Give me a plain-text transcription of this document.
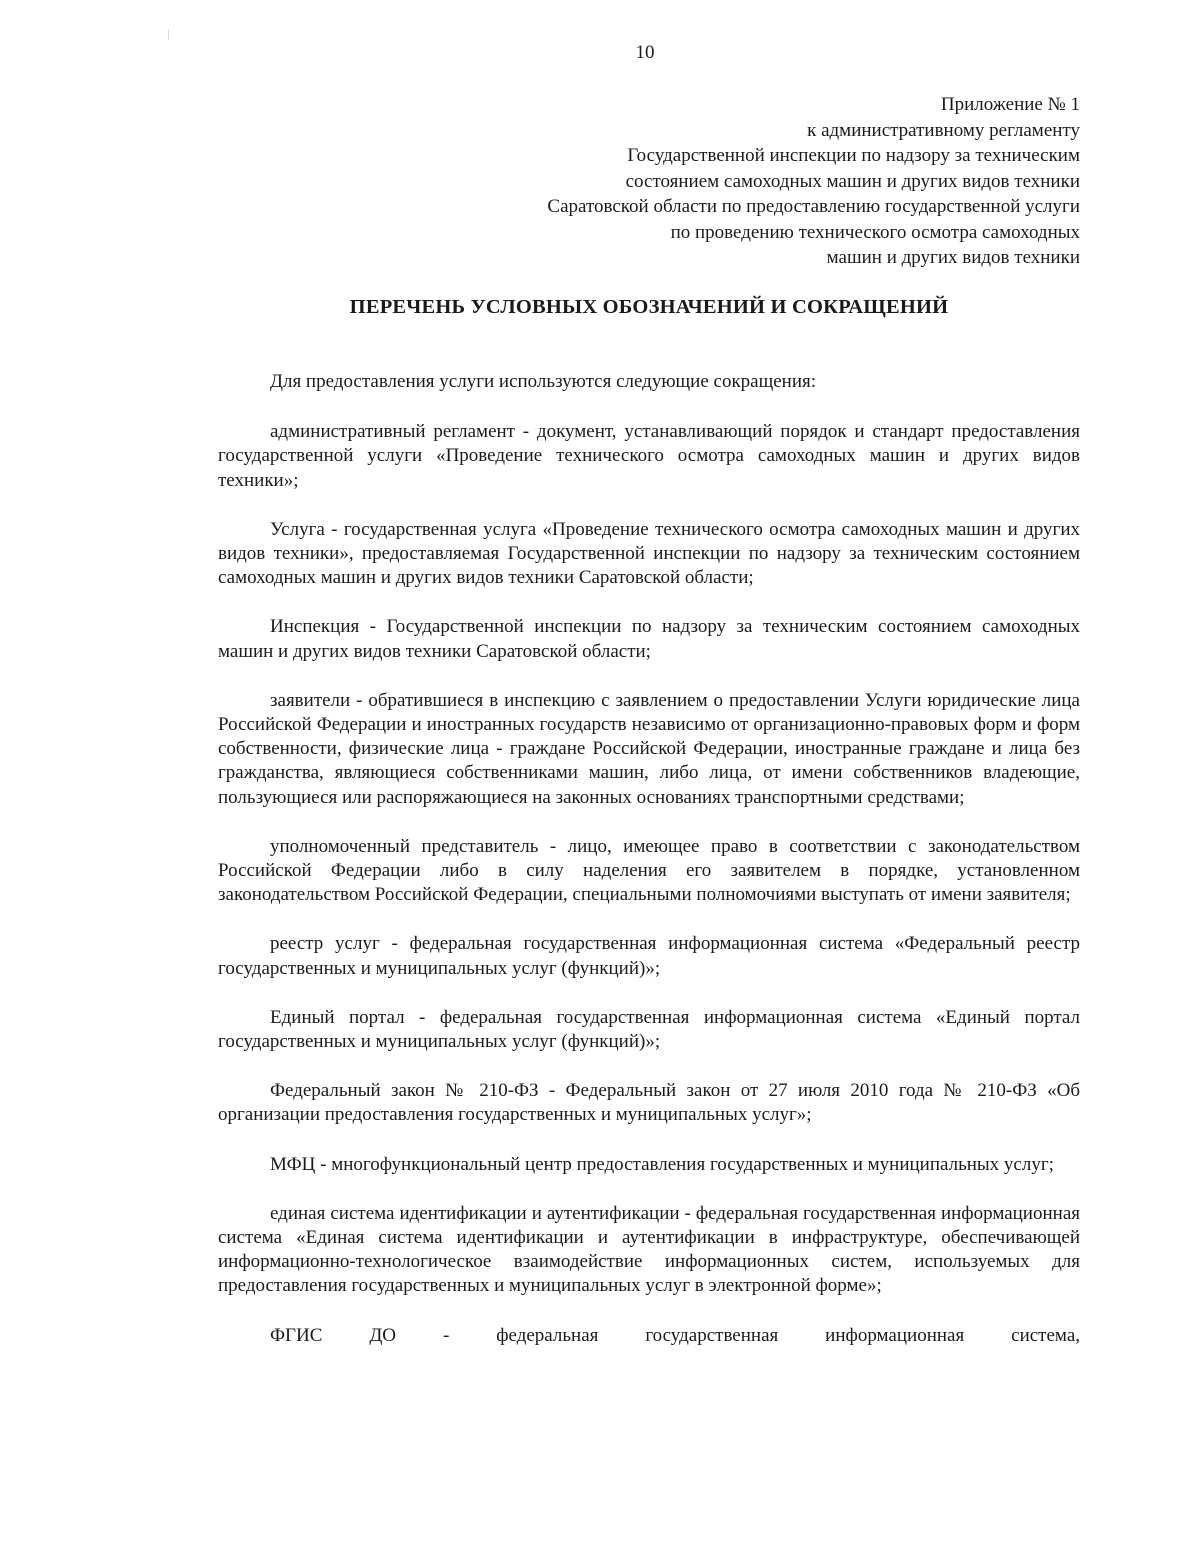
10
Приложение № 1
к административному регламенту
Государственной инспекции по надзору за техническим
состоянием самоходных машин и других видов техники
Саратовской области по предоставлению государственной услуги
по проведению технического осмотра самоходных
машин и других видов техники
ПЕРЕЧЕНЬ УСЛОВНЫХ ОБОЗНАЧЕНИЙ И СОКРАЩЕНИЙ

Для предоставления услуги используются следующие сокращения:

административный регламент - документ, устанавливающий порядок и стандарт предоставления государственной услуги «Проведение технического осмотра самоходных машин и других видов техники»;

Услуга - государственная услуга «Проведение технического осмотра самоходных машин и других видов техники», предоставляемая Государственной инспекции по надзору за техническим состоянием самоходных машин и других видов техники Саратовской области;

Инспекция - Государственной инспекции по надзору за техническим состоянием самоходных машин и других видов техники Саратовской области;

заявители - обратившиеся в инспекцию с заявлением о предоставлении Услуги юридические лица Российской Федерации и иностранных государств независимо от организационно-правовых форм и форм собственности, физические лица - граждане Российской Федерации, иностранные граждане и лица без гражданства, являющиеся собственниками машин, либо лица, от имени собственников владеющие, пользующиеся или распоряжающиеся на законных основаниях транспортными средствами;

уполномоченный представитель - лицо, имеющее право в соответствии с законодательством Российской Федерации либо в силу наделения его заявителем в порядке, установленном законодательством Российской Федерации, специальными полномочиями выступать от имени заявителя;

реестр услуг - федеральная государственная информационная система «Федеральный реестр государственных и муниципальных услуг (функций)»;

Единый портал - федеральная государственная информационная система «Единый портал государственных и муниципальных услуг (функций)»;

Федеральный закон № 210-ФЗ - Федеральный закон от 27 июля 2010 года № 210-ФЗ «Об организации предоставления государственных и муниципальных услуг»;

МФЦ - многофункциональный центр предоставления государственных и муниципальных услуг;

единая система идентификации и аутентификации - федеральная государственная информационная система «Единая система идентификации и аутентификации в инфраструктуре, обеспечивающей информационно-технологическое взаимодействие информационных систем, используемых для предоставления государственных и муниципальных услуг в электронной форме»;

ФГИС ДО - федеральная государственная информационная система,
